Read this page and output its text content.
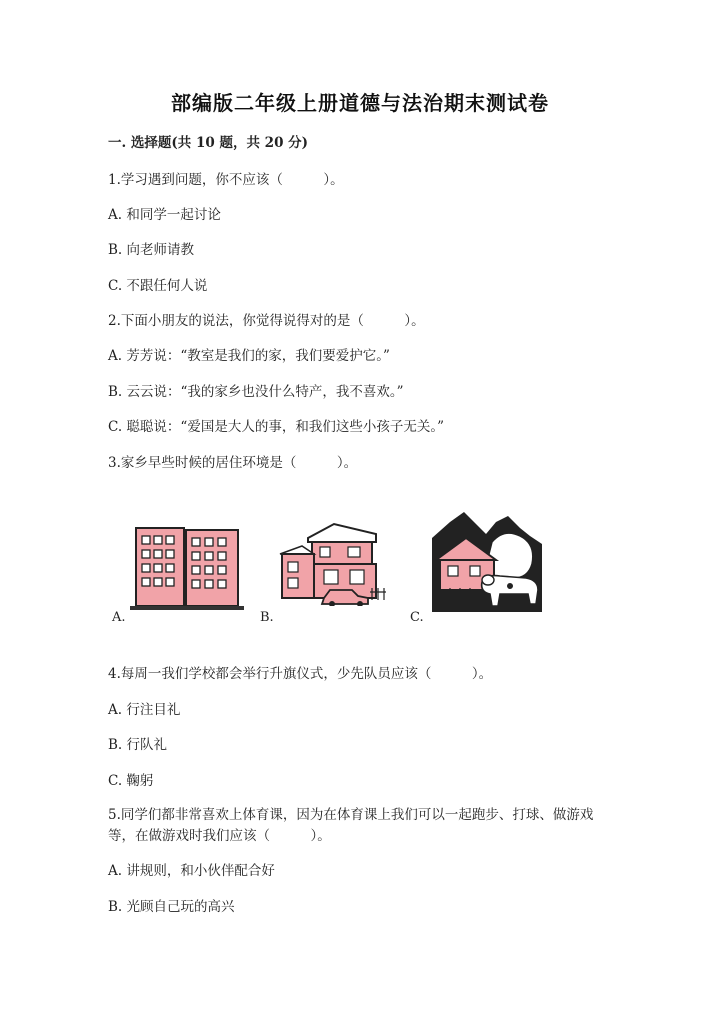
部编版二年级上册道德与法治期末测试卷
一. 选择题(共 10 题，共 20 分)
1.学习遇到问题，你不应该（　　　）。
A. 和同学一起讨论
B. 向老师请教
C. 不跟任何人说
2.下面小朋友的说法，你觉得说得对的是（　　　）。
A. 芳芳说：“教室是我们的家，我们要爱护它。”
B. 云云说：“我的家乡也没什么特产，我不喜欢。”
C. 聪聪说：“爱国是大人的事，和我们这些小孩子无关。”
3.家乡早些时候的居住环境是（　　　）。
A.	B.	C.
4.每周一我们学校都会举行升旗仪式，少先队员应该（　　　）。
A. 行注目礼
B. 行队礼
C. 鞠躬
5.同学们都非常喜欢上体育课，因为在体育课上我们可以一起跑步、打球、做游戏等，在做游戏时我们应该（　　　）。
A. 讲规则，和小伙伴配合好
B. 光顾自己玩的高兴
